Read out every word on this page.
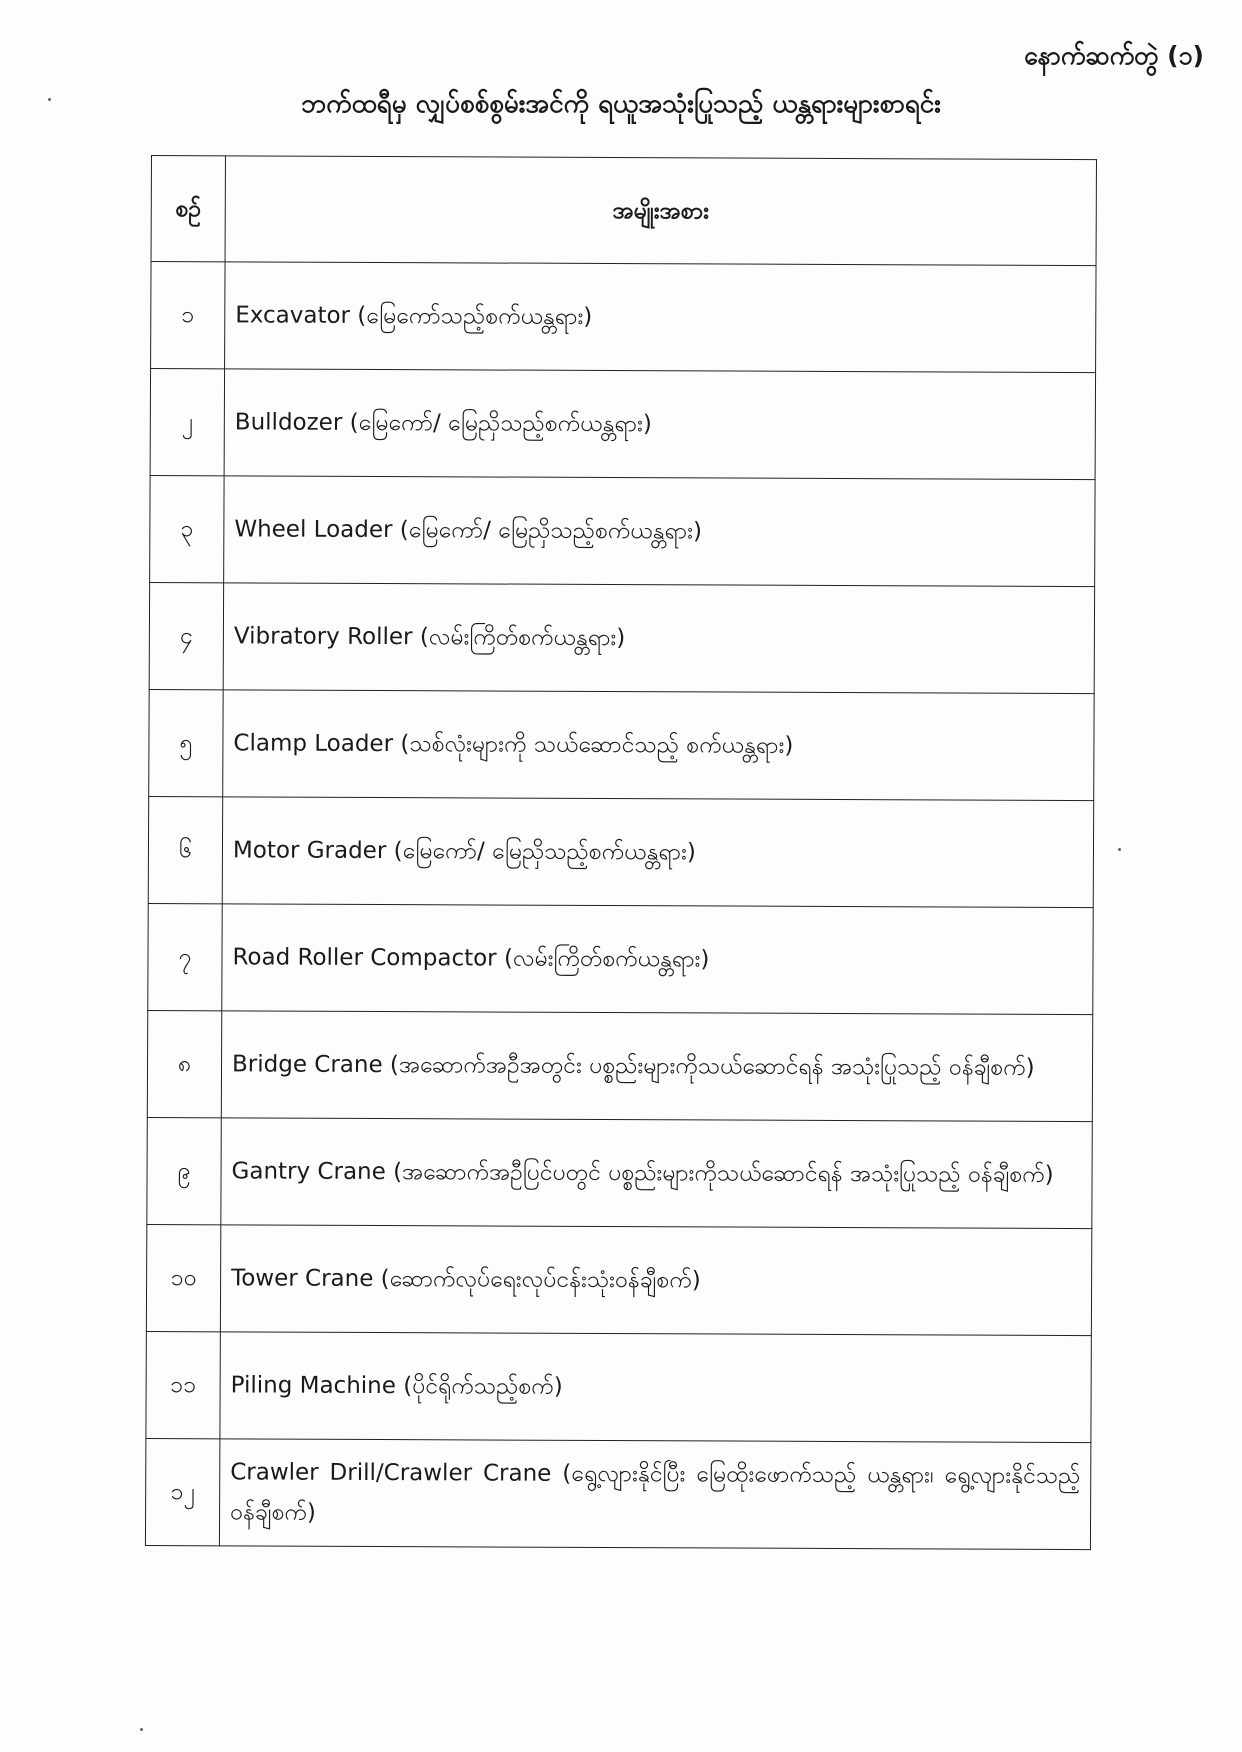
နောက်ဆက်တွဲ (၁)
ဘက်ထရီမှ လျှပ်စစ်စွမ်းအင်ကို ရယူအသုံးပြုသည့် ယန္တရားများစာရင်း
စဉ်	အမျိုးအစား
၁	Excavator (မြေကော်သည့်စက်ယန္တရား)
၂	Bulldozer (မြေကော်/ မြေညှိသည့်စက်ယန္တရား)
၃	Wheel Loader (မြေကော်/ မြေညှိသည့်စက်ယန္တရား)
၄	Vibratory Roller (လမ်းကြိတ်စက်ယန္တရား)
၅	Clamp Loader (သစ်လုံးများကို သယ်ဆောင်သည့် စက်ယန္တရား)
၆	Motor Grader (မြေကော်/ မြေညှိသည့်စက်ယန္တရား)
၇	Road Roller Compactor (လမ်းကြိတ်စက်ယန္တရား)
၈	Bridge Crane (အဆောက်အဦအတွင်း ပစ္စည်းများကိုသယ်ဆောင်ရန် အသုံးပြုသည့် ဝန်ချီစက်)
၉	Gantry Crane (အဆောက်အဦပြင်ပတွင် ပစ္စည်းများကိုသယ်ဆောင်ရန် အသုံးပြုသည့် ဝန်ချီစက်)
၁၀	Tower Crane (ဆောက်လုပ်ရေးလုပ်ငန်းသုံးဝန်ချီစက်)
၁၁	Piling Machine (ပိုင်ရိုက်သည့်စက်)
၁၂	Crawler Drill/Crawler Crane (ရွေ့လျားနိုင်ပြီး မြေထိုးဖောက်သည့် ယန္တရား၊ ရွေ့လျားနိုင်သည့်ဝန်ချီစက်)
